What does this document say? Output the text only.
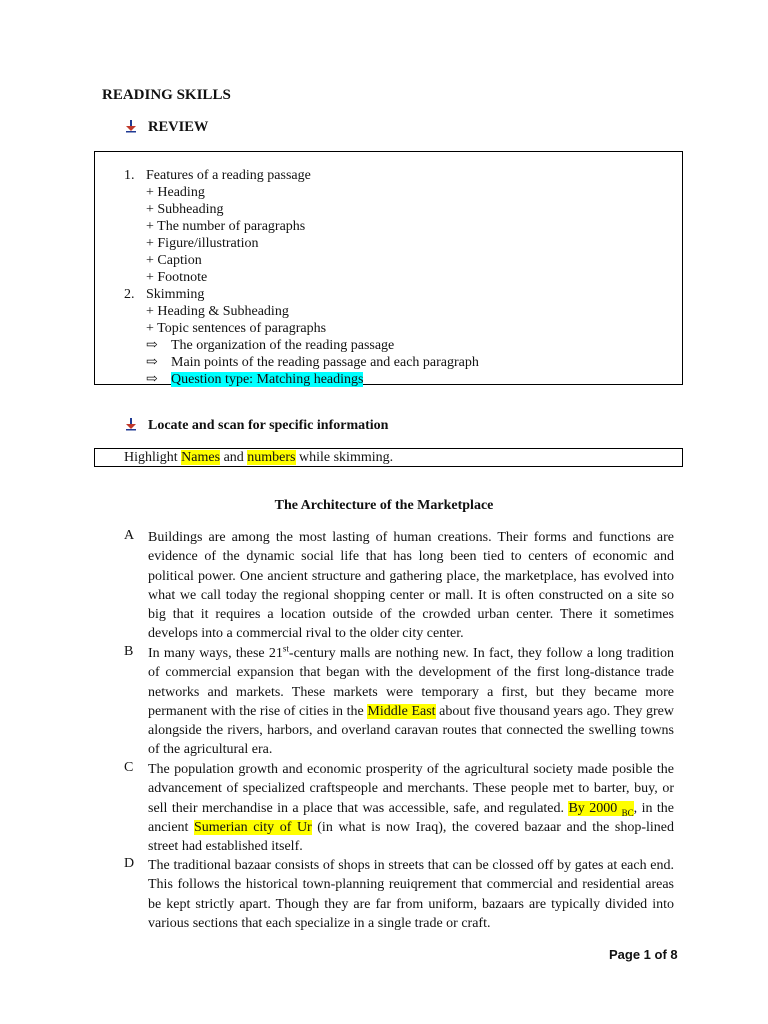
READING SKILLS
REVIEW
1. Features of a reading passage
+ Heading
+ Subheading
+ The number of paragraphs
+ Figure/illustration
+ Caption
+ Footnote
2. Skimming
+ Heading & Subheading
+ Topic sentences of paragraphs
⇨ The organization of the reading passage
⇨ Main points of the reading passage and each paragraph
⇨ Question type: Matching headings
Locate and scan for specific information
Highlight Names and numbers while skimming.
The Architecture of the Marketplace
A Buildings are among the most lasting of human creations. Their forms and functions are evidence of the dynamic social life that has long been tied to centers of economic and political power. One ancient structure and gathering place, the marketplace, has evolved into what we call today the regional shopping center or mall. It is often constructed on a site so big that it requires a location outside of the crowded urban center. There it sometimes develops into a commercial rival to the older city center.
B In many ways, these 21st-century malls are nothing new. In fact, they follow a long tradition of commercial expansion that began with the development of the first long-distance trade networks and markets. These markets were temporary a first, but they became more permanent with the rise of cities in the Middle East about five thousand years ago. They grew alongside the rivers, harbors, and overland caravan routes that connected the swelling towns of the agricultural era.
C The population growth and economic prosperity of the agricultural society made posible the advancement of specialized craftspeople and merchants. These people met to barter, buy, or sell their merchandise in a place that was accessible, safe, and regulated. By 2000 $_{BC}$, in the ancient Sumerian city of Ur (in what is now Iraq), the covered bazaar and the shop-lined street had established itself.
D The traditional bazaar consists of shops in streets that can be clossed off by gates at each end. This follows the historical town-planning reuiqrement that commercial and residential areas be kept strictly apart. Though they are far from uniform, bazaars are typically divided into various sections that each specialize in a single trade or craft.
Page 1 of 8
